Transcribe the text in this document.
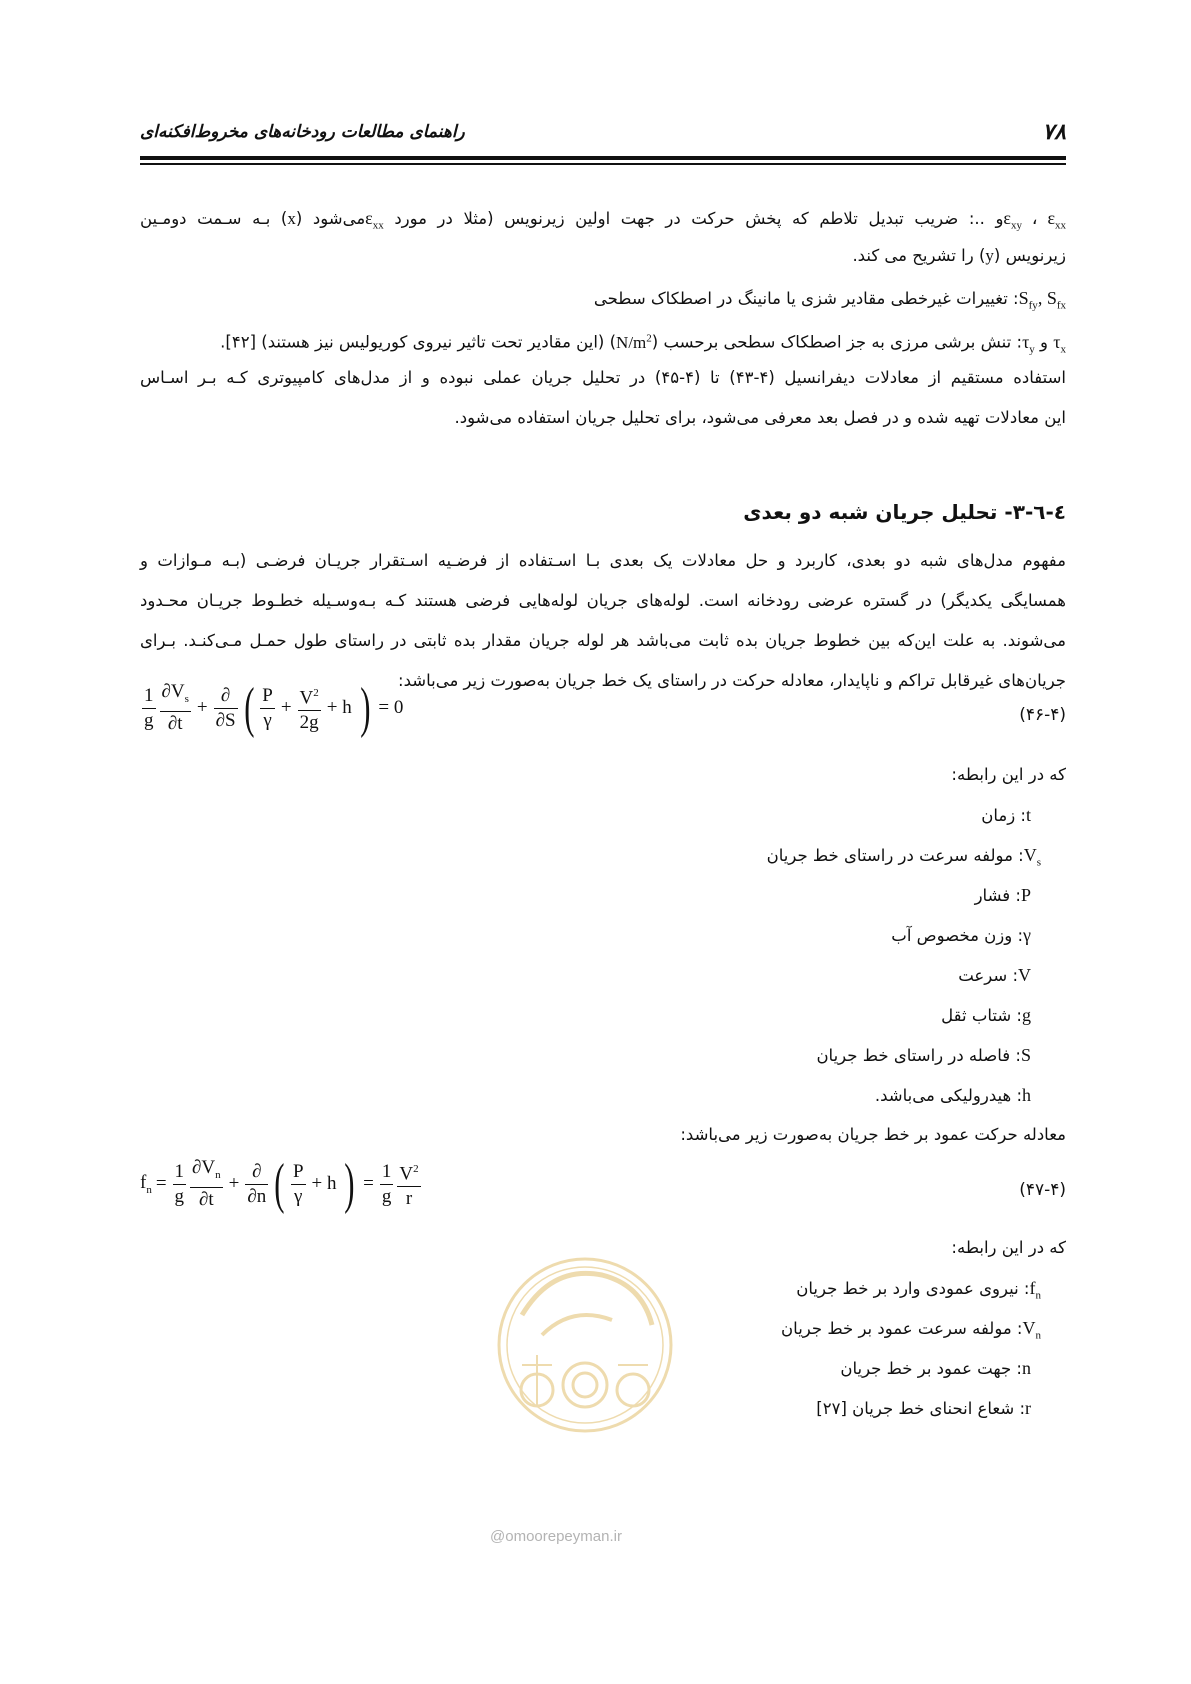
راهنمای مطالعات رودخانه‌های مخروط‌افکنه‌ای	۷۸
$\varepsilon_{xy}$ ، $\varepsilon_{xx}و$ ..: ضریب تبدیل تلاطم که پخش حرکت در جهت اولین زیرنویس (مثلا در مورد $\varepsilon_{xx}می‌شود$ (x) بـه سـمت دومـین
زیرنویس (y) را تشریح می کند.
$S_{fy}$, $S_{fx}$: تغییرات غیرخطی مقادیر شزی یا مانینگ در اصطکاک سطحی
$\tau_x$ و $\tau_y$: تنش برشی مرزی به جز اصطکاک سطحی برحسب $(N/m^2)$ (این مقادیر تحت تاثیر نیروی کوریولیس نیز هستند) [۴۲].
استفاده مستقیم از معادلات دیفرانسیل (۴-۴۳) تا (۴-۴۵) در تحلیل جریان عملی نبوده و از مدل‌های کامپیوتری کـه بـر اسـاس
این معادلات تهیه شده و در فصل بعد معرفی می‌شود، برای تحلیل جریان استفاده می‌شود.
٤-٦-۳- تحلیل جریان شبه دو بعدی
مفهوم مدل‌های شبه دو بعدی، کاربرد و حل معادلات یک بعدی بـا اسـتفاده از فرضـیه اسـتقرار جریـان فرضـی (بـه مـوازات و
همسایگی یکدیگر) در گستره عرضی رودخانه است. لوله‌های جریان لوله‌هایی فرضی هستند کـه بـه‌وسـیله خطـوط جریـان محـدود
می‌شوند. به علت این‌که بین خطوط جریان بده ثابت می‌باشد هر لوله جریان مقدار بده ثابتی در راستای طول حمـل مـی‌کنـد. بـرای
جریان‌های غیرقابل تراکم و ناپایدار، معادله حرکت در راستای یک خط جریان به‌صورت زیر می‌باشد:
$\frac{1}{g} \frac{\partial V_s}{\partial t} + \frac{\partial}{\partial S}$ ( $\frac{P}{\gamma} + \frac{V^2}{2g} + h$ ) = 0	(۴۶-۴)
که در این رابطه:
t: زمان
$V_s$: مولفه سرعت در راستای خط جریان
P: فشار
γ: وزن مخصوص آب
V: سرعت
g: شتاب ثقل
S: فاصله در راستای خط جریان
h: هیدرولیکی می‌باشد.
معادله حرکت عمود بر خط جریان به‌صورت زیر می‌باشد:
$f_n = \frac{1}{g} \frac{\partial V_n}{\partial t} + \frac{\partial}{\partial n}$ ( $\frac{P}{\gamma} + h$ ) = $\frac{1}{g} \frac{V^2}{r}$	(۴۷-۴)
که در این رابطه:
$f_n$: نیروی عمودی وارد بر خط جریان
$V_n$: مولفه سرعت عمود بر خط جریان
n: جهت عمود بر خط جریان
r: شعاع انحنای خط جریان [۲۷]
@omoorepeyman.ir
